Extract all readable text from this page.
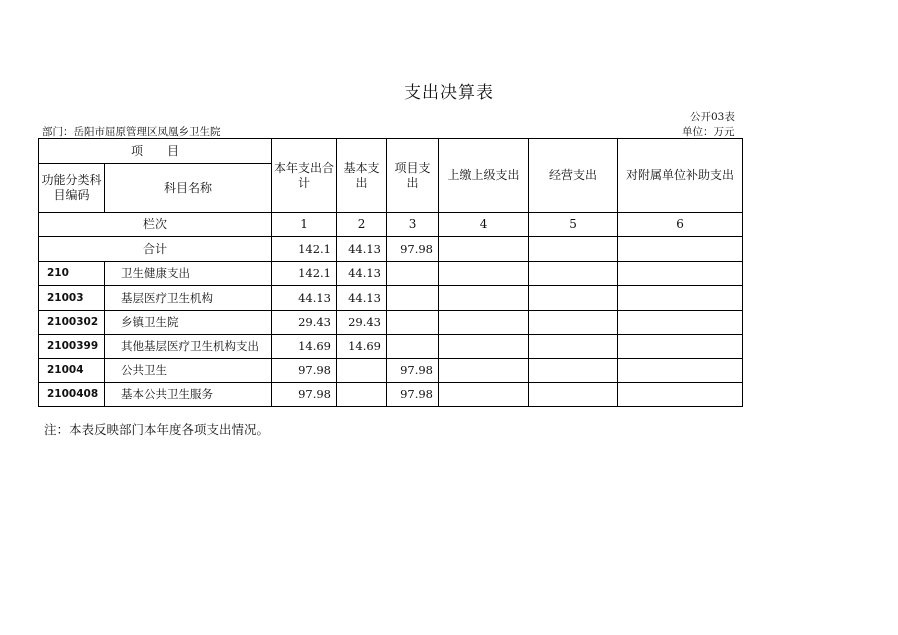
支出决算表
公开03表
部门：岳阳市屈原管理区凤凰乡卫生院	单位：万元
项　　目		本年支出合计	基本支出	项目支出	上缴上级支出	经营支出	对附属单位补助支出
功能分类科目编码	科目名称						
栏次		1	2	3	4	5	6
合计		142.1	44.13	97.98			
210	卫生健康支出	142.1	44.13				
21003	基层医疗卫生机构	44.13	44.13				
2100302	乡镇卫生院	29.43	29.43				
2100399	其他基层医疗卫生机构支出	14.69	14.69				
21004	公共卫生	97.98		97.98			
2100408	基本公共卫生服务	97.98		97.98			
注：本表反映部门本年度各项支出情况。
